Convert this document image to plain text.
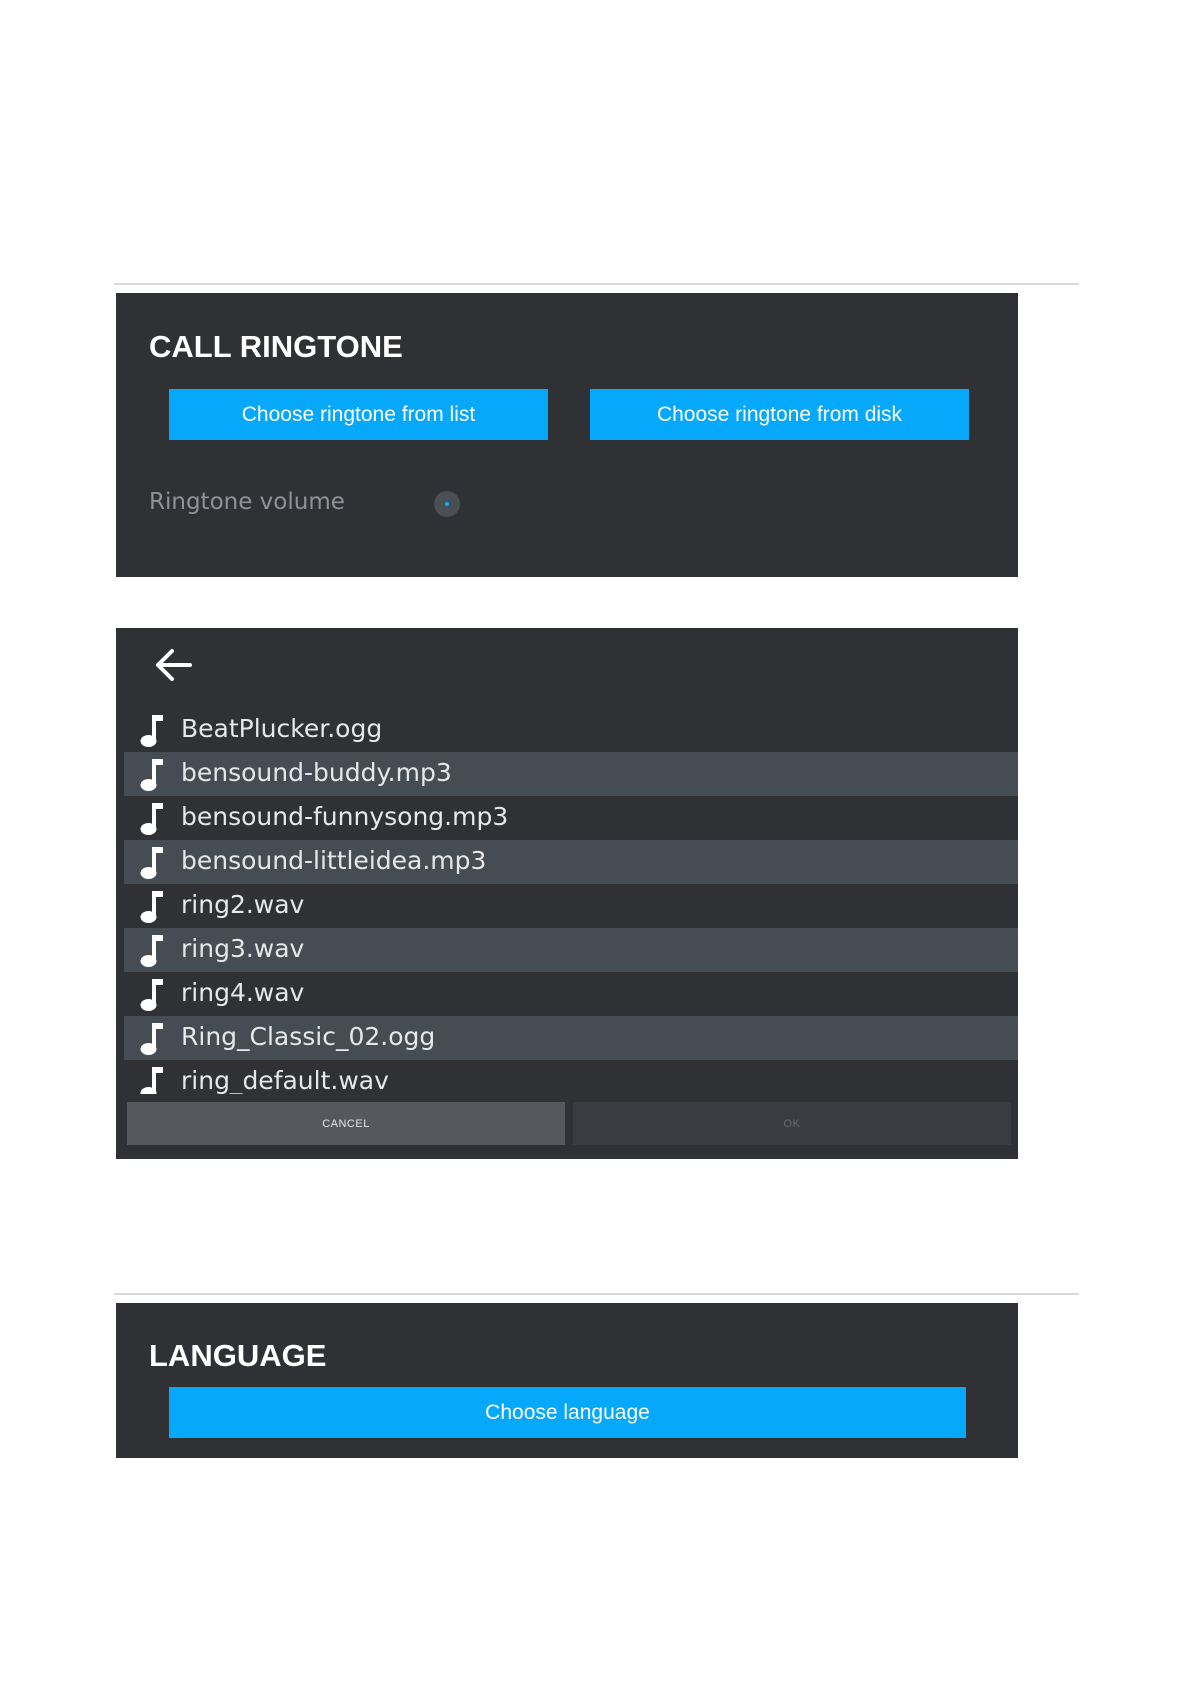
CALL RINGTONE
Choose ringtone from list	Choose ringtone from disk
Ringtone volume
BeatPlucker.ogg
bensound-buddy.mp3
bensound-funnysong.mp3
bensound-littleidea.mp3
ring2.wav
ring3.wav
ring4.wav
Ring_Classic_02.ogg
ring_default.wav
CANCEL	OK
LANGUAGE
Choose language
